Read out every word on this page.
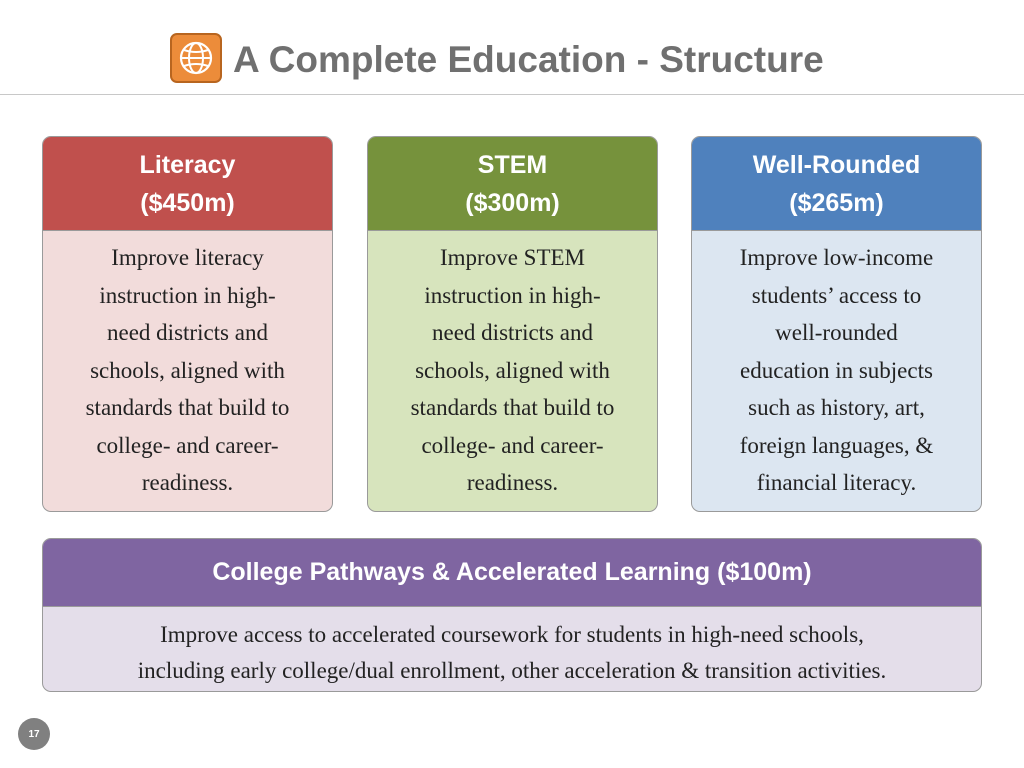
A Complete Education - Structure
Literacy
($450m)
Improve literacy
instruction in high-
need districts and
schools, aligned with
standards that build to
college- and career-
readiness.
STEM
($300m)
Improve STEM
instruction in high-
need districts and
schools, aligned with
standards that build to
college- and career-
readiness.
Well-Rounded
($265m)
Improve low-income
students’ access to
well-rounded
education in subjects
such as history, art,
foreign languages, &
financial literacy.
College Pathways & Accelerated Learning ($100m)
Improve access to accelerated coursework for students in high-need schools,
including early college/dual enrollment, other acceleration & transition activities.
17
